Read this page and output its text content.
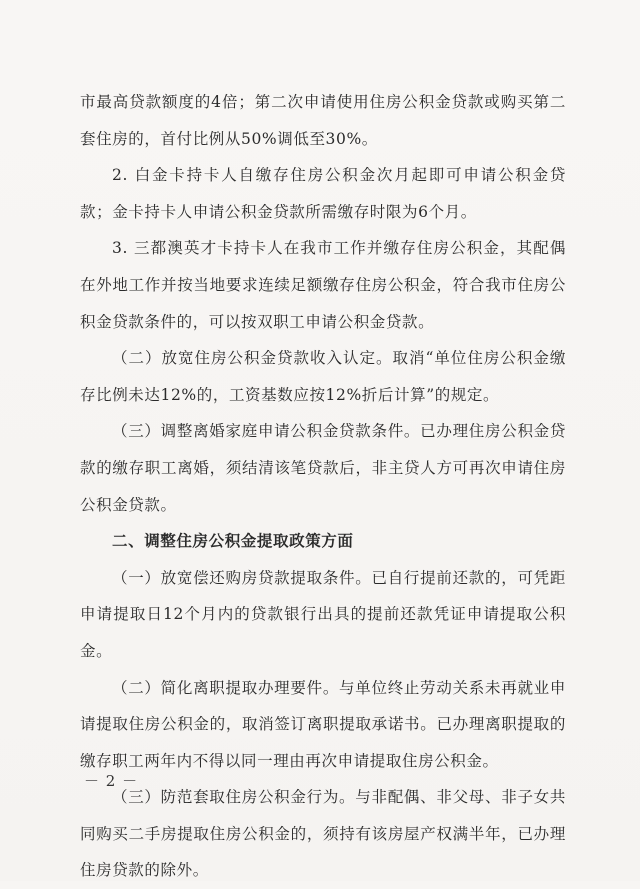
市最高贷款额度的4倍；第二次申请使用住房公积金贷款或购买第二套住房的，首付比例从50%调低至30%。

2. 白金卡持卡人自缴存住房公积金次月起即可申请公积金贷款；金卡持卡人申请公积金贷款所需缴存时限为6个月。

3. 三都澳英才卡持卡人在我市工作并缴存住房公积金，其配偶在外地工作并按当地要求连续足额缴存住房公积金，符合我市住房公积金贷款条件的，可以按双职工申请公积金贷款。

（二）放宽住房公积金贷款收入认定。取消“单位住房公积金缴存比例未达12%的，工资基数应按12%折后计算”的规定。

（三）调整离婚家庭申请公积金贷款条件。已办理住房公积金贷款的缴存职工离婚，须结清该笔贷款后，非主贷人方可再次申请住房公积金贷款。

二、调整住房公积金提取政策方面

（一）放宽偿还购房贷款提取条件。已自行提前还款的，可凭距申请提取日12个月内的贷款银行出具的提前还款凭证申请提取公积金。

（二）简化离职提取办理要件。与单位终止劳动关系未再就业申请提取住房公积金的，取消签订离职提取承诺书。已办理离职提取的缴存职工两年内不得以同一理由再次申请提取住房公积金。

（三）防范套取住房公积金行为。与非配偶、非父母、非子女共同购买二手房提取住房公积金的，须持有该房屋产权满半年，已办理住房贷款的除外。

－ 2 －
